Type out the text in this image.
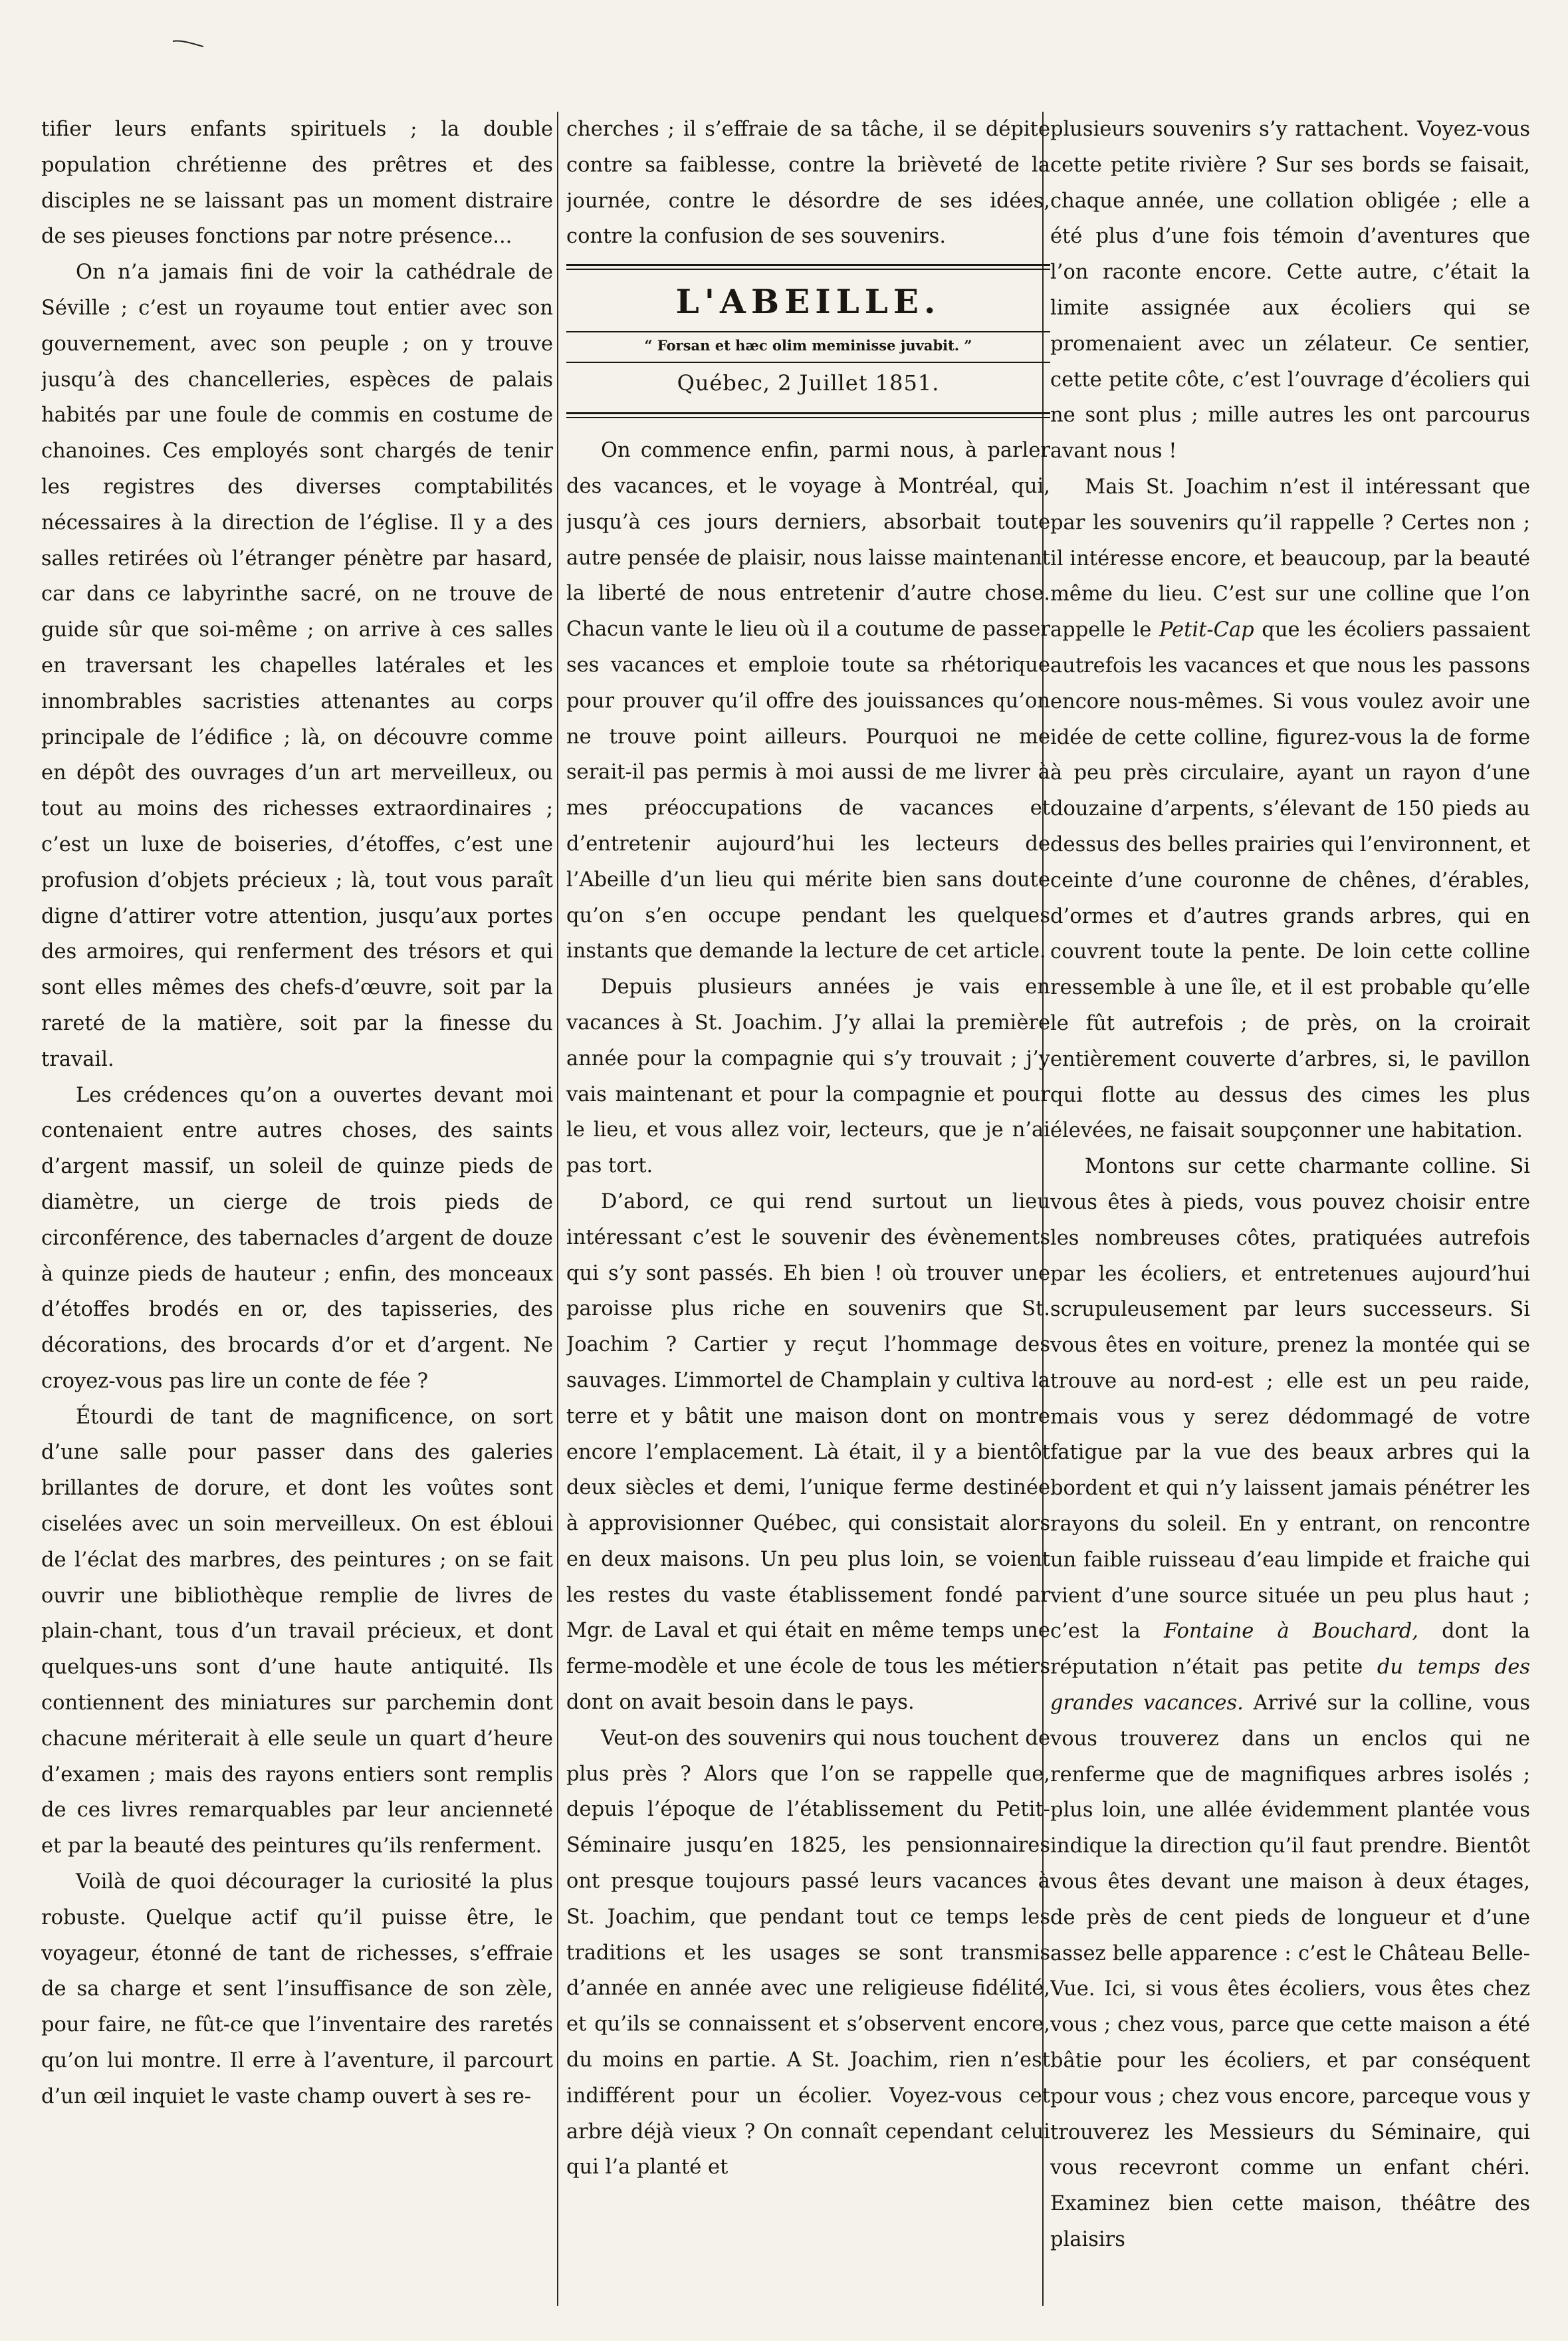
tifier leurs enfants spirituels ; la double population chrétienne des prêtres et des disciples ne se laissant pas un moment distraire de ses pieuses fonctions par notre présence...

On n’a jamais fini de voir la cathédrale de Séville ; c’est un royaume tout entier avec son gouvernement, avec son peuple ; on y trouve jusqu’à des chancelleries, espèces de palais habités par une foule de commis en costume de chanoines. Ces employés sont chargés de tenir les registres des diverses comptabilités nécessaires à la direction de l’église. Il y a des salles retirées où l’étranger pénètre par hasard, car dans ce labyrinthe sacré, on ne trouve de guide sûr que soi-même ; on arrive à ces salles en traversant les chapelles latérales et les innombrables sacristies attenantes au corps principale de l’édifice ; là, on découvre comme en dépôt des ouvrages d’un art merveilleux, ou tout au moins des richesses extraordinaires ; c’est un luxe de boiseries, d’étoffes, c’est une profusion d’objets précieux ; là, tout vous paraît digne d’attirer votre attention, jusqu’aux portes des armoires, qui renferment des trésors et qui sont elles mêmes des chefs-d’œuvre, soit par la rareté de la matière, soit par la finesse du travail.

Les crédences qu’on a ouvertes devant moi contenaient entre autres choses, des saints d’argent massif, un soleil de quinze pieds de diamètre, un cierge de trois pieds de circonférence, des tabernacles d’argent de douze à quinze pieds de hauteur ; enfin, des monceaux d’étoffes brodés en or, des tapisseries, des décorations, des brocards d’or et d’argent. Ne croyez-vous pas lire un conte de fée ?

Étourdi de tant de magnificence, on sort d’une salle pour passer dans des galeries brillantes de dorure, et dont les voûtes sont ciselées avec un soin merveilleux. On est ébloui de l’éclat des marbres, des peintures ; on se fait ouvrir une bibliothèque remplie de livres de plain-chant, tous d’un travail précieux, et dont quelques-uns sont d’une haute antiquité. Ils contiennent des miniatures sur parchemin dont chacune mériterait à elle seule un quart d’heure d’examen ; mais des rayons entiers sont remplis de ces livres remarquables par leur ancienneté et par la beauté des peintures qu’ils renferment.

Voilà de quoi décourager la curiosité la plus robuste. Quelque actif qu’il puisse être, le voyageur, étonné de tant de richesses, s’effraie de sa charge et sent l’insuffisance de son zèle, pour faire, ne fût-ce que l’inventaire des raretés qu’on lui montre. Il erre à l’aventure, il parcourt d’un œil inquiet le vaste champ ouvert à ses re-

cherches ; il s’effraie de sa tâche, il se dépite contre sa faiblesse, contre la brièveté de la journée, contre le désordre de ses idées, contre la confusion de ses souvenirs.

L'ABEILLE.
“ Forsan et hæc olim meminisse juvabit. ”
Québec, 2 Juillet 1851.

On commence enfin, parmi nous, à parler des vacances, et le voyage à Montréal, qui, jusqu’à ces jours derniers, absorbait toute autre pensée de plaisir, nous laisse maintenant la liberté de nous entretenir d’autre chose. Chacun vante le lieu où il a coutume de passer ses vacances et emploie toute sa rhétorique pour prouver qu’il offre des jouissances qu’on ne trouve point ailleurs. Pourquoi ne me serait-il pas permis à moi aussi de me livrer à mes préoccupations de vacances et d’entretenir aujourd’hui les lecteurs de l’Abeille d’un lieu qui mérite bien sans doute qu’on s’en occupe pendant les quelques instants que demande la lecture de cet article.

Depuis plusieurs années je vais en vacances à St. Joachim. J’y allai la première année pour la compagnie qui s’y trouvait ; j’y vais maintenant et pour la compagnie et pour le lieu, et vous allez voir, lecteurs, que je n’ai pas tort.

D’abord, ce qui rend surtout un lieu intéressant c’est le souvenir des évènements qui s’y sont passés. Eh bien ! où trouver une paroisse plus riche en souvenirs que St. Joachim ? Cartier y reçut l’hommage des sauvages. L’immortel de Champlain y cultiva la terre et y bâtit une maison dont on montre encore l’emplacement. Là était, il y a bientôt deux siècles et demi, l’unique ferme destinée à approvisionner Québec, qui consistait alors en deux maisons. Un peu plus loin, se voient les restes du vaste établissement fondé par Mgr. de Laval et qui était en même temps une ferme-modèle et une école de tous les métiers dont on avait besoin dans le pays.

Veut-on des souvenirs qui nous touchent de plus près ? Alors que l’on se rappelle que, depuis l’époque de l’établissement du Petit-Séminaire jusqu’en 1825, les pensionnaires ont presque toujours passé leurs vacances à St. Joachim, que pendant tout ce temps les traditions et les usages se sont transmis d’année en année avec une religieuse fidélité, et qu’ils se connaissent et s’observent encore, du moins en partie. A St. Joachim, rien n’est indifférent pour un écolier. Voyez-vous cet arbre déjà vieux ? On connaît cependant celui qui l’a planté et

plusieurs souvenirs s’y rattachent. Voyez-vous cette petite rivière ? Sur ses bords se faisait, chaque année, une collation obligée ; elle a été plus d’une fois témoin d’aventures que l’on raconte encore. Cette autre, c’était la limite assignée aux écoliers qui se promenaient avec un zélateur. Ce sentier, cette petite côte, c’est l’ouvrage d’écoliers qui ne sont plus ; mille autres les ont parcourus avant nous !

Mais St. Joachim n’est il intéressant que par les souvenirs qu’il rappelle ? Certes non ; il intéresse encore, et beaucoup, par la beauté même du lieu. C’est sur une colline que l’on appelle le Petit-Cap que les écoliers passaient autrefois les vacances et que nous les passons encore nous-mêmes. Si vous voulez avoir une idée de cette colline, figurez-vous la de forme à peu près circulaire, ayant un rayon d’une douzaine d’arpents, s’élevant de 150 pieds au dessus des belles prairies qui l’environnent, et ceinte d’une couronne de chênes, d’érables, d’ormes et d’autres grands arbres, qui en couvrent toute la pente. De loin cette colline ressemble à une île, et il est probable qu’elle le fût autrefois ; de près, on la croirait entièrement couverte d’arbres, si, le pavillon qui flotte au dessus des cimes les plus élevées, ne faisait soupçonner une habitation.

Montons sur cette charmante colline. Si vous êtes à pieds, vous pouvez choisir entre les nombreuses côtes, pratiquées autrefois par les écoliers, et entretenues aujourd’hui scrupuleusement par leurs successeurs. Si vous êtes en voiture, prenez la montée qui se trouve au nord-est ; elle est un peu raide, mais vous y serez dédommagé de votre fatigue par la vue des beaux arbres qui la bordent et qui n’y laissent jamais pénétrer les rayons du soleil. En y entrant, on rencontre un faible ruisseau d’eau limpide et fraiche qui vient d’une source située un peu plus haut ; c’est la Fontaine à Bouchard, dont la réputation n’était pas petite du temps des grandes vacances. Arrivé sur la colline, vous vous trouverez dans un enclos qui ne renferme que de magnifiques arbres isolés ; plus loin, une allée évidemment plantée vous indique la direction qu’il faut prendre. Bientôt vous êtes devant une maison à deux étages, de près de cent pieds de longueur et d’une assez belle apparence : c’est le Château Belle-Vue. Ici, si vous êtes écoliers, vous êtes chez vous ; chez vous, parce que cette maison a été bâtie pour les écoliers, et par conséquent pour vous ; chez vous encore, parceque vous y trouverez les Messieurs du Séminaire, qui vous recevront comme un enfant chéri. Examinez bien cette maison, théâtre des plaisirs
